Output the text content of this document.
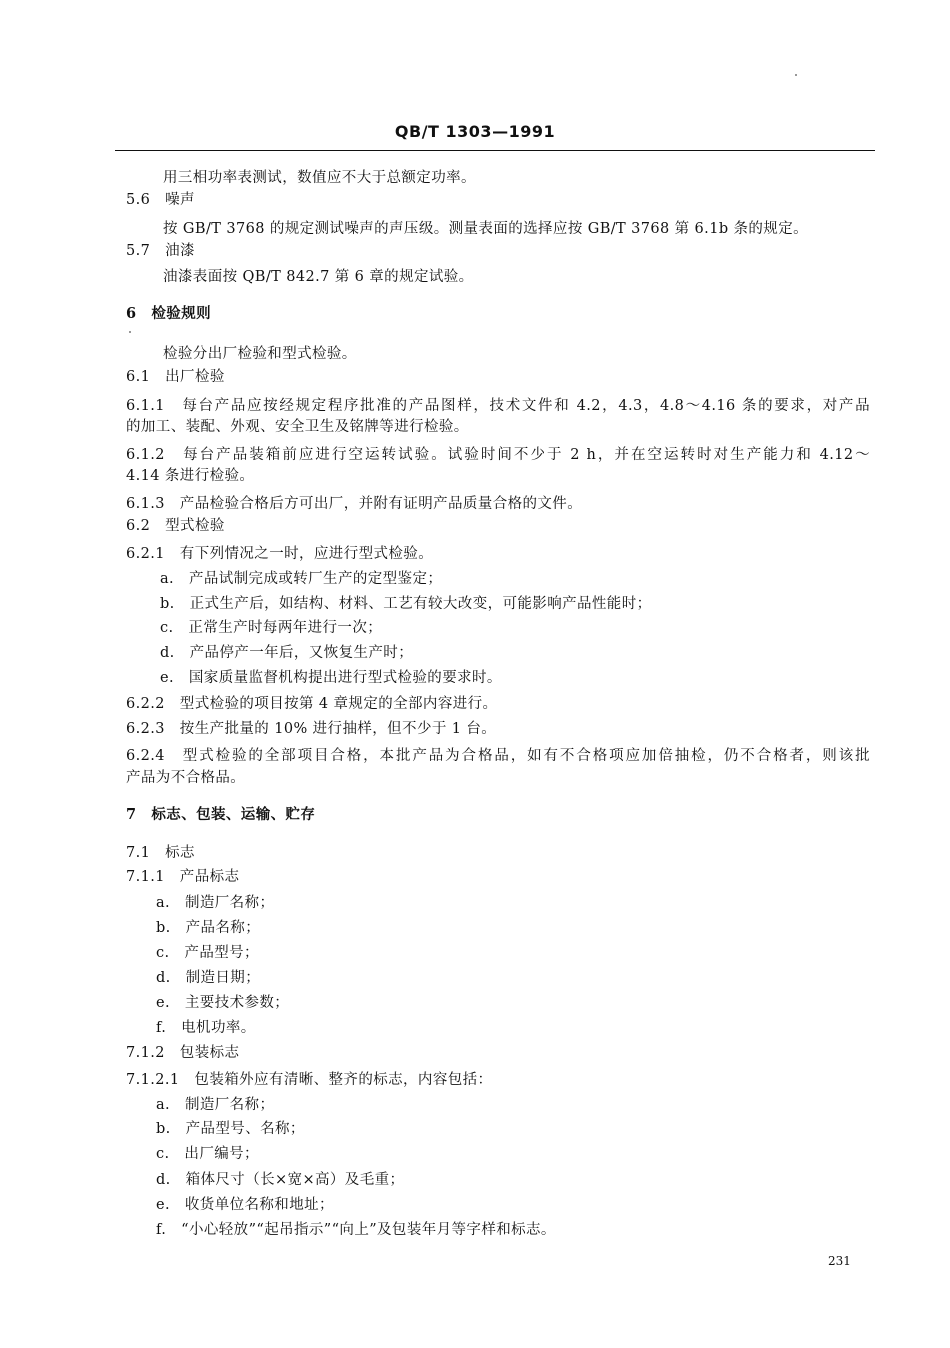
QB/T 1303—1991
用三相功率表测试，数值应不大于总额定功率。
5.6　噪声
按 GB/T 3768 的规定测试噪声的声压级。测量表面的选择应按 GB/T 3768 第 6.1b 条的规定。
5.7　油漆
油漆表面按 QB/T 842.7 第 6 章的规定试验。
6　检验规则
检验分出厂检验和型式检验。
6.1　出厂检验
6.1.1　每台产品应按经规定程序批准的产品图样，技术文件和 4.2，4.3，4.8～4.16 条的要求，对产品
的加工、装配、外观、安全卫生及铭牌等进行检验。
6.1.2　每台产品装箱前应进行空运转试验。试验时间不少于 2 h，并在空运转时对生产能力和 4.12～
4.14 条进行检验。
6.1.3　产品检验合格后方可出厂，并附有证明产品质量合格的文件。
6.2　型式检验
6.2.1　有下列情况之一时，应进行型式检验。
a.　产品试制完成或转厂生产的定型鉴定；
b.　正式生产后，如结构、材料、工艺有较大改变，可能影响产品性能时；
c.　正常生产时每两年进行一次；
d.　产品停产一年后，又恢复生产时；
e.　国家质量监督机构提出进行型式检验的要求时。
6.2.2　型式检验的项目按第 4 章规定的全部内容进行。
6.2.3　按生产批量的 10% 进行抽样，但不少于 1 台。
6.2.4　型式检验的全部项目合格，本批产品为合格品，如有不合格项应加倍抽检，仍不合格者，则该批
产品为不合格品。
7　标志、包装、运输、贮存
7.1　标志
7.1.1　产品标志
a.　制造厂名称；
b.　产品名称；
c.　产品型号；
d.　制造日期；
e.　主要技术参数；
f.　电机功率。
7.1.2　包装标志
7.1.2.1　包装箱外应有清晰、整齐的标志，内容包括：
a.　制造厂名称；
b.　产品型号、名称；
c.　出厂编号；
d.　箱体尺寸（长×宽×高）及毛重；
e.　收货单位名称和地址；
f.　“小心轻放”“起吊指示”“向上”及包装年月等字样和标志。
231
